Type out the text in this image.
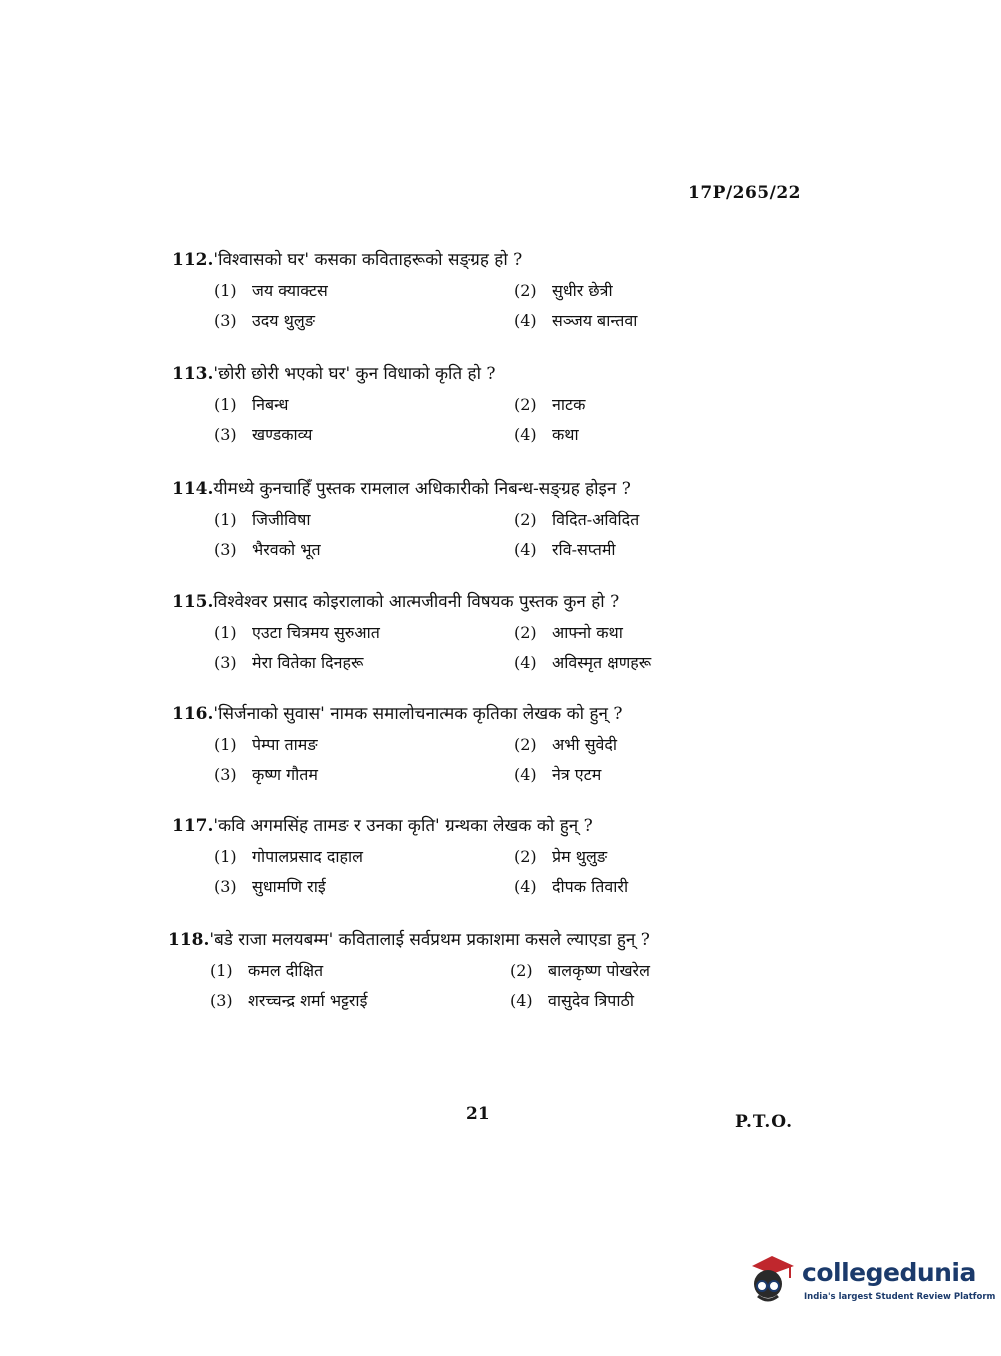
17P/265/22
112.'विश्वासको घर' कसका कविताहरूको सङ्ग्रह हो ?
(1) जय क्याक्टस	(2) सुधीर छेत्री
(3) उदय थुलुङ	(4) सञ्जय बान्तवा
113.'छोरी छोरी भएको घर' कुन विधाको कृति हो ?
(1) निबन्ध	(2) नाटक
(3) खण्डकाव्य	(4) कथा
114.यीमध्ये कुनचाहिँ पुस्तक रामलाल अधिकारीको निबन्ध-सङ्ग्रह होइन ?
(1) जिजीविषा	(2) विदित-अविदित
(3) भैरवको भूत	(4) रवि-सप्तमी
115.विश्वेश्वर प्रसाद कोइरालाको आत्मजीवनी विषयक पुस्तक कुन हो ?
(1) एउटा चित्रमय सुरुआत	(2) आफ्नो कथा
(3) मेरा वितेका दिनहरू	(4) अविस्मृत क्षणहरू
116.'सिर्जनाको सुवास' नामक समालोचनात्मक कृतिका लेखक को हुन् ?
(1) पेम्पा तामङ	(2) अभी सुवेदी
(3) कृष्ण गौतम	(4) नेत्र एटम
117.'कवि अगमसिंह तामङ र उनका कृति' ग्रन्थका लेखक को हुन् ?
(1) गोपालप्रसाद दाहाल	(2) प्रेम थुलुङ
(3) सुधामणि राई	(4) दीपक तिवारी
118.'बडे राजा मलयबम्म' कवितालाई सर्वप्रथम प्रकाशमा कसले ल्याएडा हुन् ?
(1) कमल दीक्षित	(2) बालकृष्ण पोखरेल
(3) शरच्चन्द्र शर्मा भट्टराई	(4) वासुदेव त्रिपाठी
21	P.T.O.
collegedunia
India's largest Student Review Platform
